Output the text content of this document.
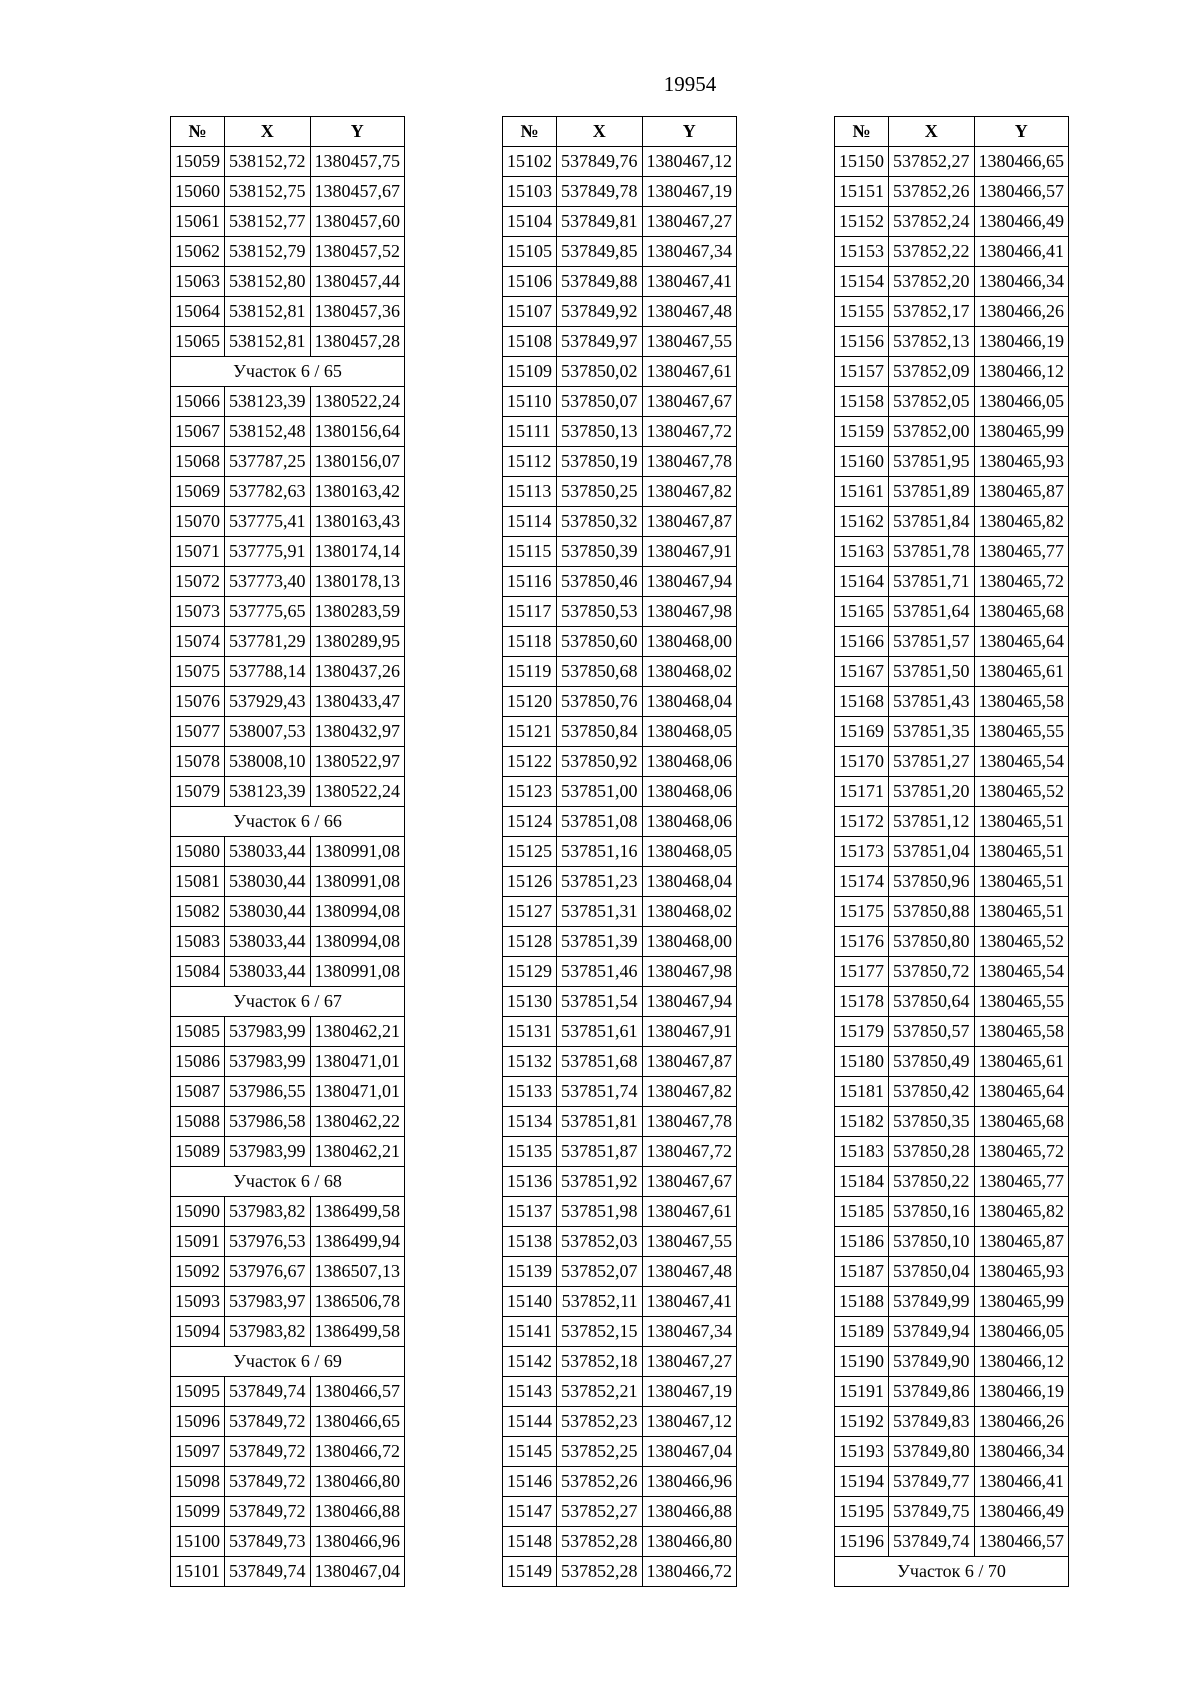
19954
№	X	Y
15059	538152,72	1380457,75
15060	538152,75	1380457,67
15061	538152,77	1380457,60
15062	538152,79	1380457,52
15063	538152,80	1380457,44
15064	538152,81	1380457,36
15065	538152,81	1380457,28
Участок 6 / 65		
15066	538123,39	1380522,24
15067	538152,48	1380156,64
15068	537787,25	1380156,07
15069	537782,63	1380163,42
15070	537775,41	1380163,43
15071	537775,91	1380174,14
15072	537773,40	1380178,13
15073	537775,65	1380283,59
15074	537781,29	1380289,95
15075	537788,14	1380437,26
15076	537929,43	1380433,47
15077	538007,53	1380432,97
15078	538008,10	1380522,97
15079	538123,39	1380522,24
Участок 6 / 66		
15080	538033,44	1380991,08
15081	538030,44	1380991,08
15082	538030,44	1380994,08
15083	538033,44	1380994,08
15084	538033,44	1380991,08
Участок 6 / 67		
15085	537983,99	1380462,21
15086	537983,99	1380471,01
15087	537986,55	1380471,01
15088	537986,58	1380462,22
15089	537983,99	1380462,21
Участок 6 / 68		
15090	537983,82	1386499,58
15091	537976,53	1386499,94
15092	537976,67	1386507,13
15093	537983,97	1386506,78
15094	537983,82	1386499,58
Участок 6 / 69		
15095	537849,74	1380466,57
15096	537849,72	1380466,65
15097	537849,72	1380466,72
15098	537849,72	1380466,80
15099	537849,72	1380466,88
15100	537849,73	1380466,96
15101	537849,74	1380467,04
№	X	Y
15102	537849,76	1380467,12
15103	537849,78	1380467,19
15104	537849,81	1380467,27
15105	537849,85	1380467,34
15106	537849,88	1380467,41
15107	537849,92	1380467,48
15108	537849,97	1380467,55
15109	537850,02	1380467,61
15110	537850,07	1380467,67
15111	537850,13	1380467,72
15112	537850,19	1380467,78
15113	537850,25	1380467,82
15114	537850,32	1380467,87
15115	537850,39	1380467,91
15116	537850,46	1380467,94
15117	537850,53	1380467,98
15118	537850,60	1380468,00
15119	537850,68	1380468,02
15120	537850,76	1380468,04
15121	537850,84	1380468,05
15122	537850,92	1380468,06
15123	537851,00	1380468,06
15124	537851,08	1380468,06
15125	537851,16	1380468,05
15126	537851,23	1380468,04
15127	537851,31	1380468,02
15128	537851,39	1380468,00
15129	537851,46	1380467,98
15130	537851,54	1380467,94
15131	537851,61	1380467,91
15132	537851,68	1380467,87
15133	537851,74	1380467,82
15134	537851,81	1380467,78
15135	537851,87	1380467,72
15136	537851,92	1380467,67
15137	537851,98	1380467,61
15138	537852,03	1380467,55
15139	537852,07	1380467,48
15140	537852,11	1380467,41
15141	537852,15	1380467,34
15142	537852,18	1380467,27
15143	537852,21	1380467,19
15144	537852,23	1380467,12
15145	537852,25	1380467,04
15146	537852,26	1380466,96
15147	537852,27	1380466,88
15148	537852,28	1380466,80
15149	537852,28	1380466,72
№	X	Y
15150	537852,27	1380466,65
15151	537852,26	1380466,57
15152	537852,24	1380466,49
15153	537852,22	1380466,41
15154	537852,20	1380466,34
15155	537852,17	1380466,26
15156	537852,13	1380466,19
15157	537852,09	1380466,12
15158	537852,05	1380466,05
15159	537852,00	1380465,99
15160	537851,95	1380465,93
15161	537851,89	1380465,87
15162	537851,84	1380465,82
15163	537851,78	1380465,77
15164	537851,71	1380465,72
15165	537851,64	1380465,68
15166	537851,57	1380465,64
15167	537851,50	1380465,61
15168	537851,43	1380465,58
15169	537851,35	1380465,55
15170	537851,27	1380465,54
15171	537851,20	1380465,52
15172	537851,12	1380465,51
15173	537851,04	1380465,51
15174	537850,96	1380465,51
15175	537850,88	1380465,51
15176	537850,80	1380465,52
15177	537850,72	1380465,54
15178	537850,64	1380465,55
15179	537850,57	1380465,58
15180	537850,49	1380465,61
15181	537850,42	1380465,64
15182	537850,35	1380465,68
15183	537850,28	1380465,72
15184	537850,22	1380465,77
15185	537850,16	1380465,82
15186	537850,10	1380465,87
15187	537850,04	1380465,93
15188	537849,99	1380465,99
15189	537849,94	1380466,05
15190	537849,90	1380466,12
15191	537849,86	1380466,19
15192	537849,83	1380466,26
15193	537849,80	1380466,34
15194	537849,77	1380466,41
15195	537849,75	1380466,49
15196	537849,74	1380466,57
Участок 6 / 70		
